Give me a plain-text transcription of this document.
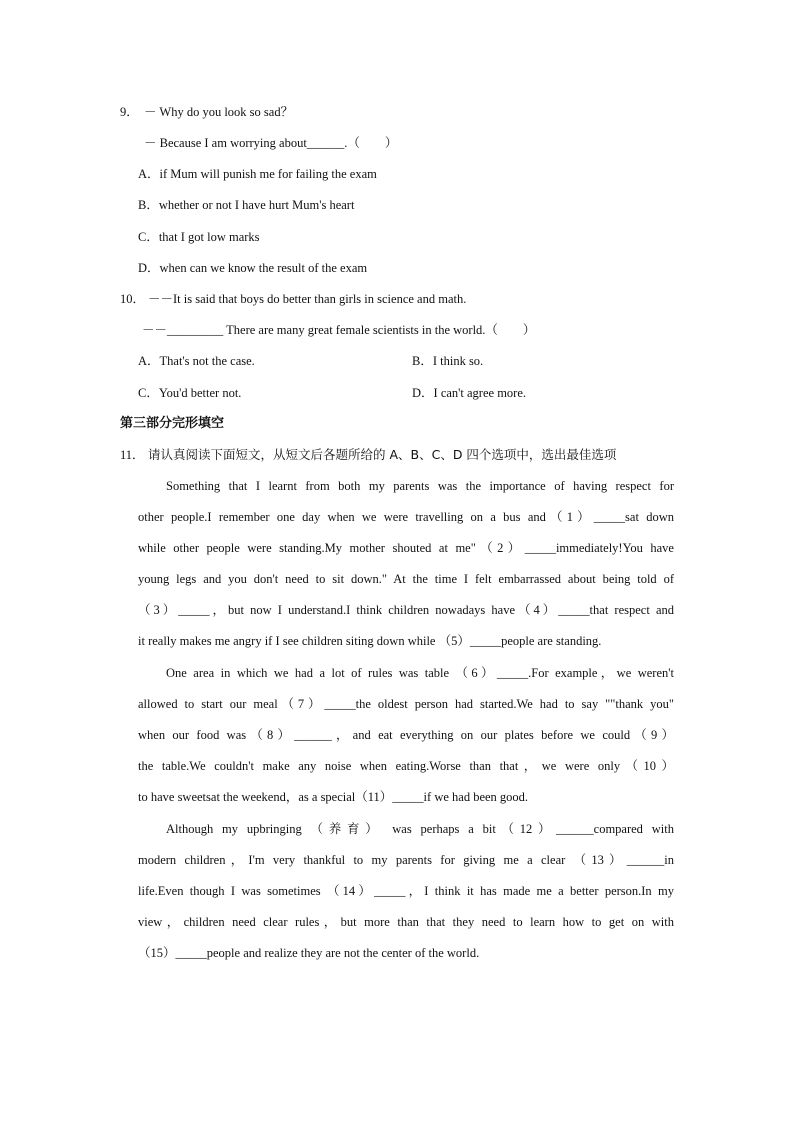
9． － Why do you look so sad？
－ Because I am worrying about______.（　　）
A．if Mum will punish me for failing the exam
B．whether or not I have hurt Mum's heart
C．that I got low marks
D．when can we know the result of the exam
10． －－It is said that boys do better than girls in science and math.
－－_________ There are many great female scientists in the world.（　　）
A．That's not the case.	B．I think so.
C．You'd better not.	D．I can't agree more.
第三部分完形填空
11． 请认真阅读下面短文，从短文后各题所给的 A、B、C、D 四个选项中，选出最佳选项
Something that I learnt from both my parents was the importance of having respect for
other people.I remember one day when we were travelling on a bus and（1）_____sat down
while other people were standing.My mother shouted at me"（2）_____immediately!You have
young legs and you don't need to sit down." At the time I felt embarrassed about being told of
（3）_____，but now I understand.I think children nowadays have（4）_____that respect and
it really makes me angry if I see children siting down while （5）_____people are standing.
One area in which we had a lot of rules was table （6）_____.For example，we weren't
allowed to start our meal（7）_____the oldest person had started.We had to say ""thank you"
when our food was（8）______，and eat everything on our plates before we could（9）
the table.We couldn't make any noise when eating.Worse than that，we were only（10）
to have sweetsat the weekend，as a special（11）_____if we had been good.
Although my upbringing （养育） was perhaps a bit（12）______compared with
modern children，I'm very thankful to my parents for giving me a clear （13）______in
life.Even though I was sometimes （14）_____，I think it has made me a better person.In my
view，children need clear rules，but more than that they need to learn how to get on with
（15）_____people and realize they are not the center of the world.
